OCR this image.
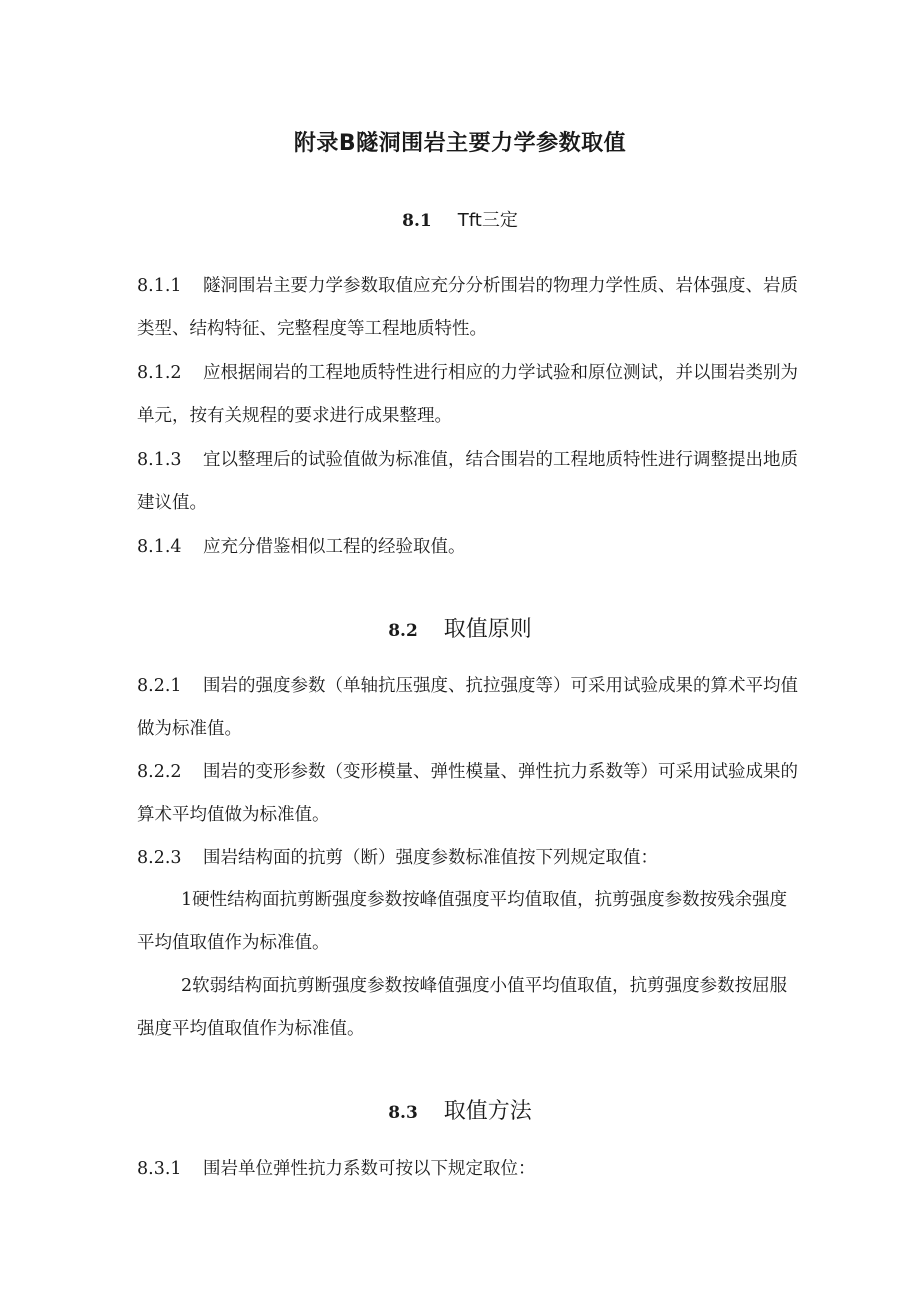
附录B隧洞围岩主要力学参数取值
8.1 Tft三定

8.1.1 隧洞围岩主要力学参数取值应充分分析围岩的物理力学性质、岩体强度、岩质类型、结构特征、完整程度等工程地质特性。

8.1.2 应根据闹岩的工程地质特性进行相应的力学试验和原位测试，并以围岩类别为单元，按有关规程的要求进行成果整理。

8.1.3 宜以整理后的试验值做为标准值，结合围岩的工程地质特性进行调整提出地质建议值。

8.1.4 应充分借鉴相似工程的经验取值。

8.2 取值原则

8.2.1 围岩的强度参数（单轴抗压强度、抗拉强度等）可采用试验成果的算术平均值做为标准值。

8.2.2 围岩的变形参数（变形模量、弹性模量、弹性抗力系数等）可采用试验成果的算术平均值做为标准值。

8.2.3 围岩结构面的抗剪（断）强度参数标准值按下列规定取值：

1硬性结构面抗剪断强度参数按峰值强度平均值取值，抗剪强度参数按残余强度平均值取值作为标准值。

2软弱结构面抗剪断强度参数按峰值强度小值平均值取值，抗剪强度参数按屈服强度平均值取值作为标准值。

8.3 取值方法

8.3.1 围岩单位弹性抗力系数可按以下规定取位：
